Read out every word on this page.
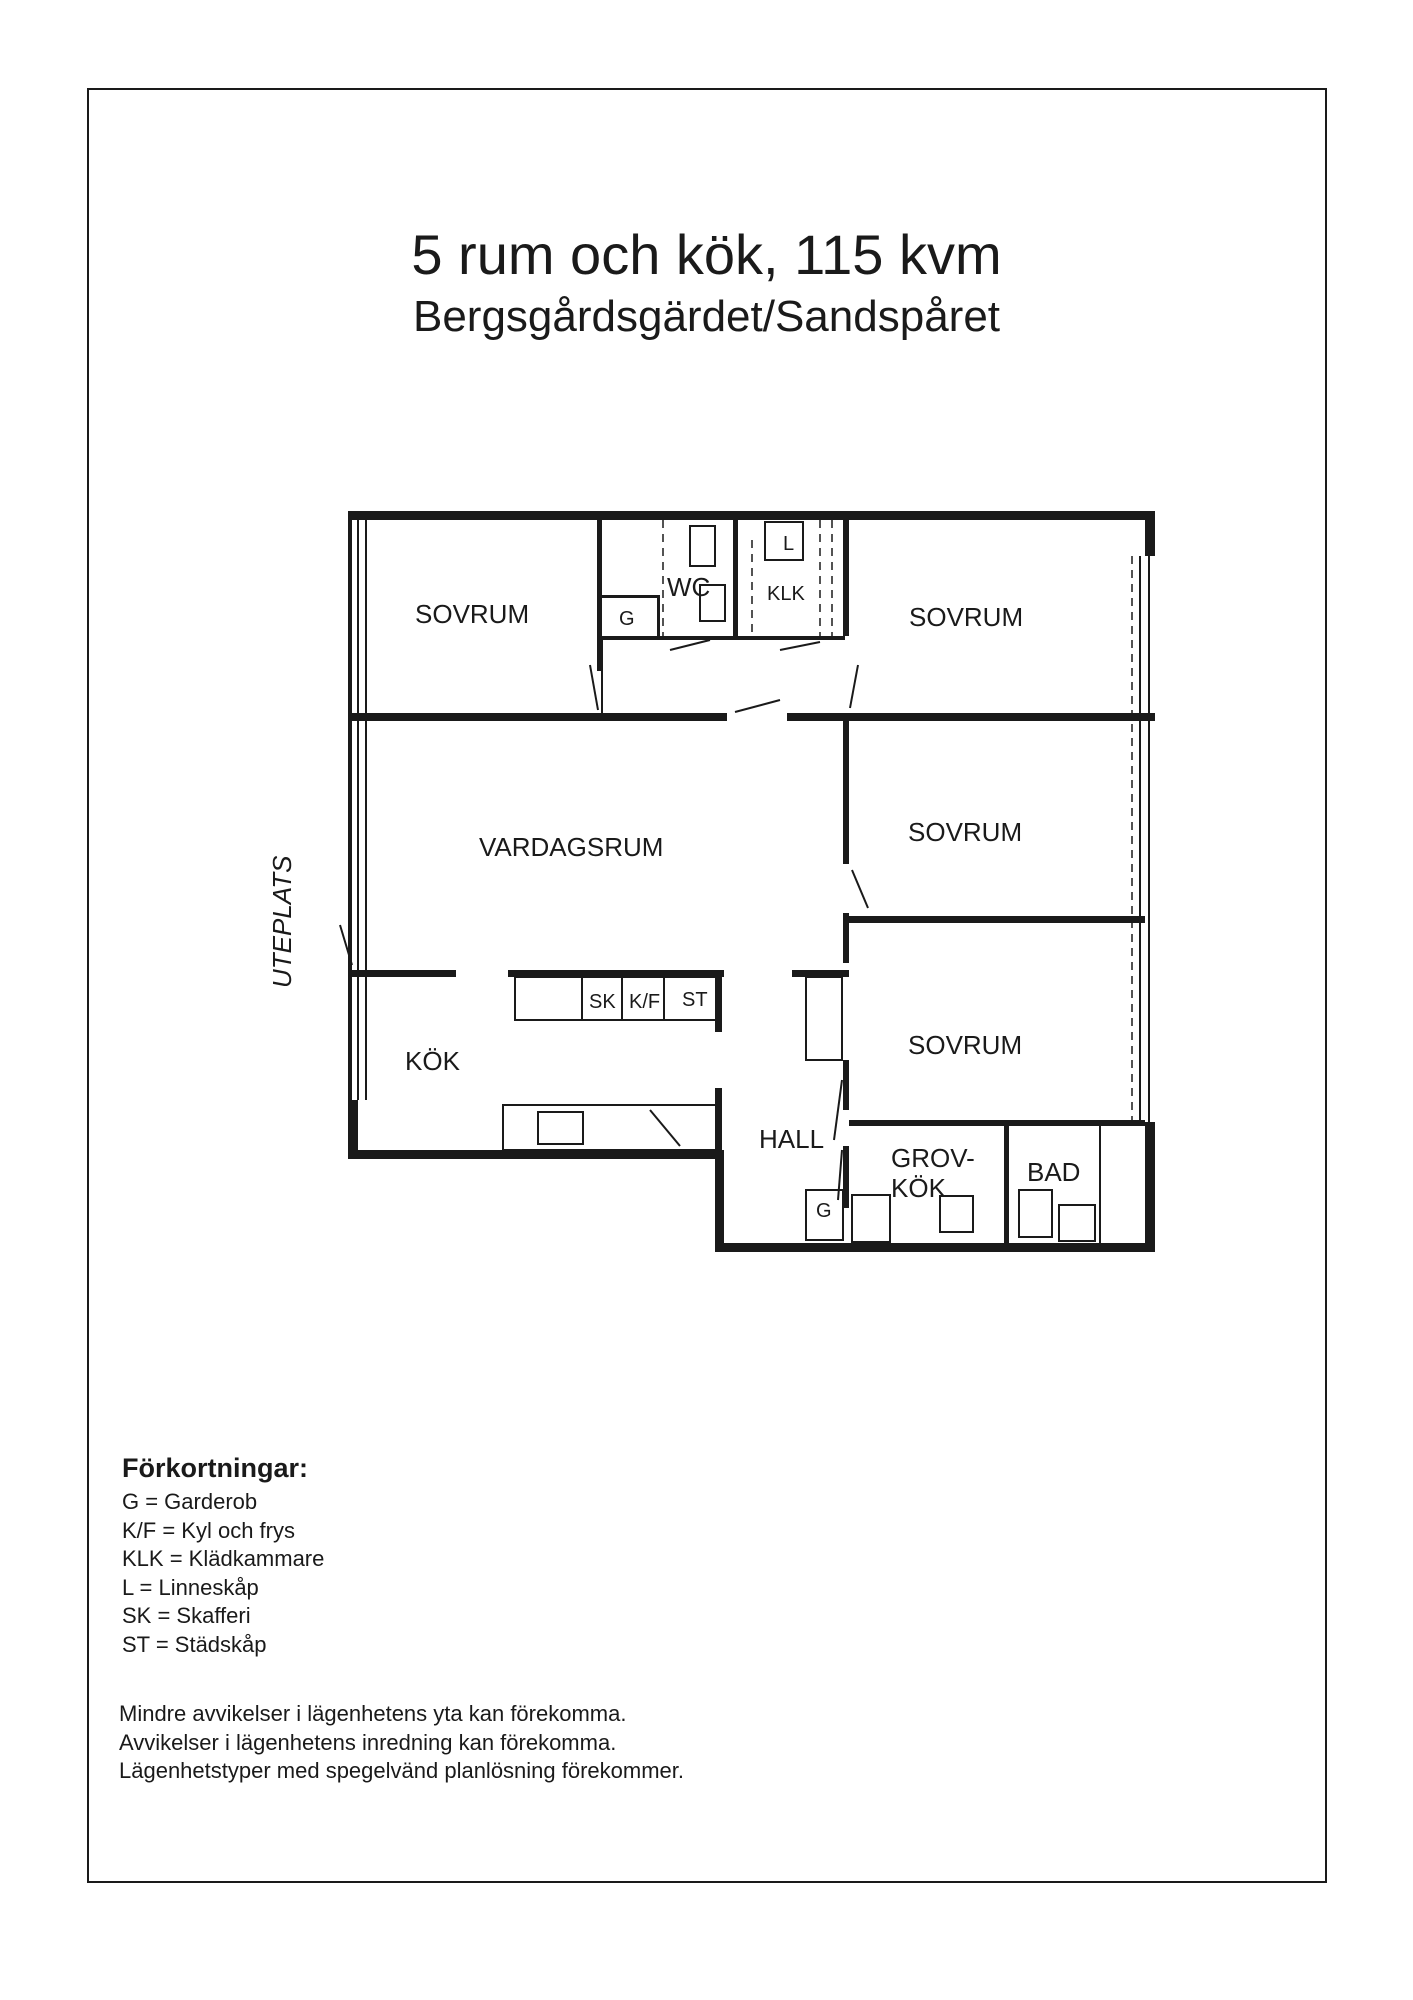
5 rum och kök, 115 kvm
Bergsgårdsgärdet/Sandspåret
SOVRUM	SOVRUM
SOVRUM
SOVRUM
VARDAGSRUM
KÖK
HALL
GROV-
KÖK
BAD
WC	KLK
UTEPLATS
G
L
SK K/F ST
G
Förkortningar:
G = Garderob
K/F = Kyl och frys
KLK = Klädkammare
L = Linneskåp
SK = Skafferi
ST = Städskåp
Mindre avvikelser i lägenhetens yta kan förekomma.
Avvikelser i lägenhetens inredning kan förekomma.
Lägenhetstyper med spegelvänd planlösning förekommer.
